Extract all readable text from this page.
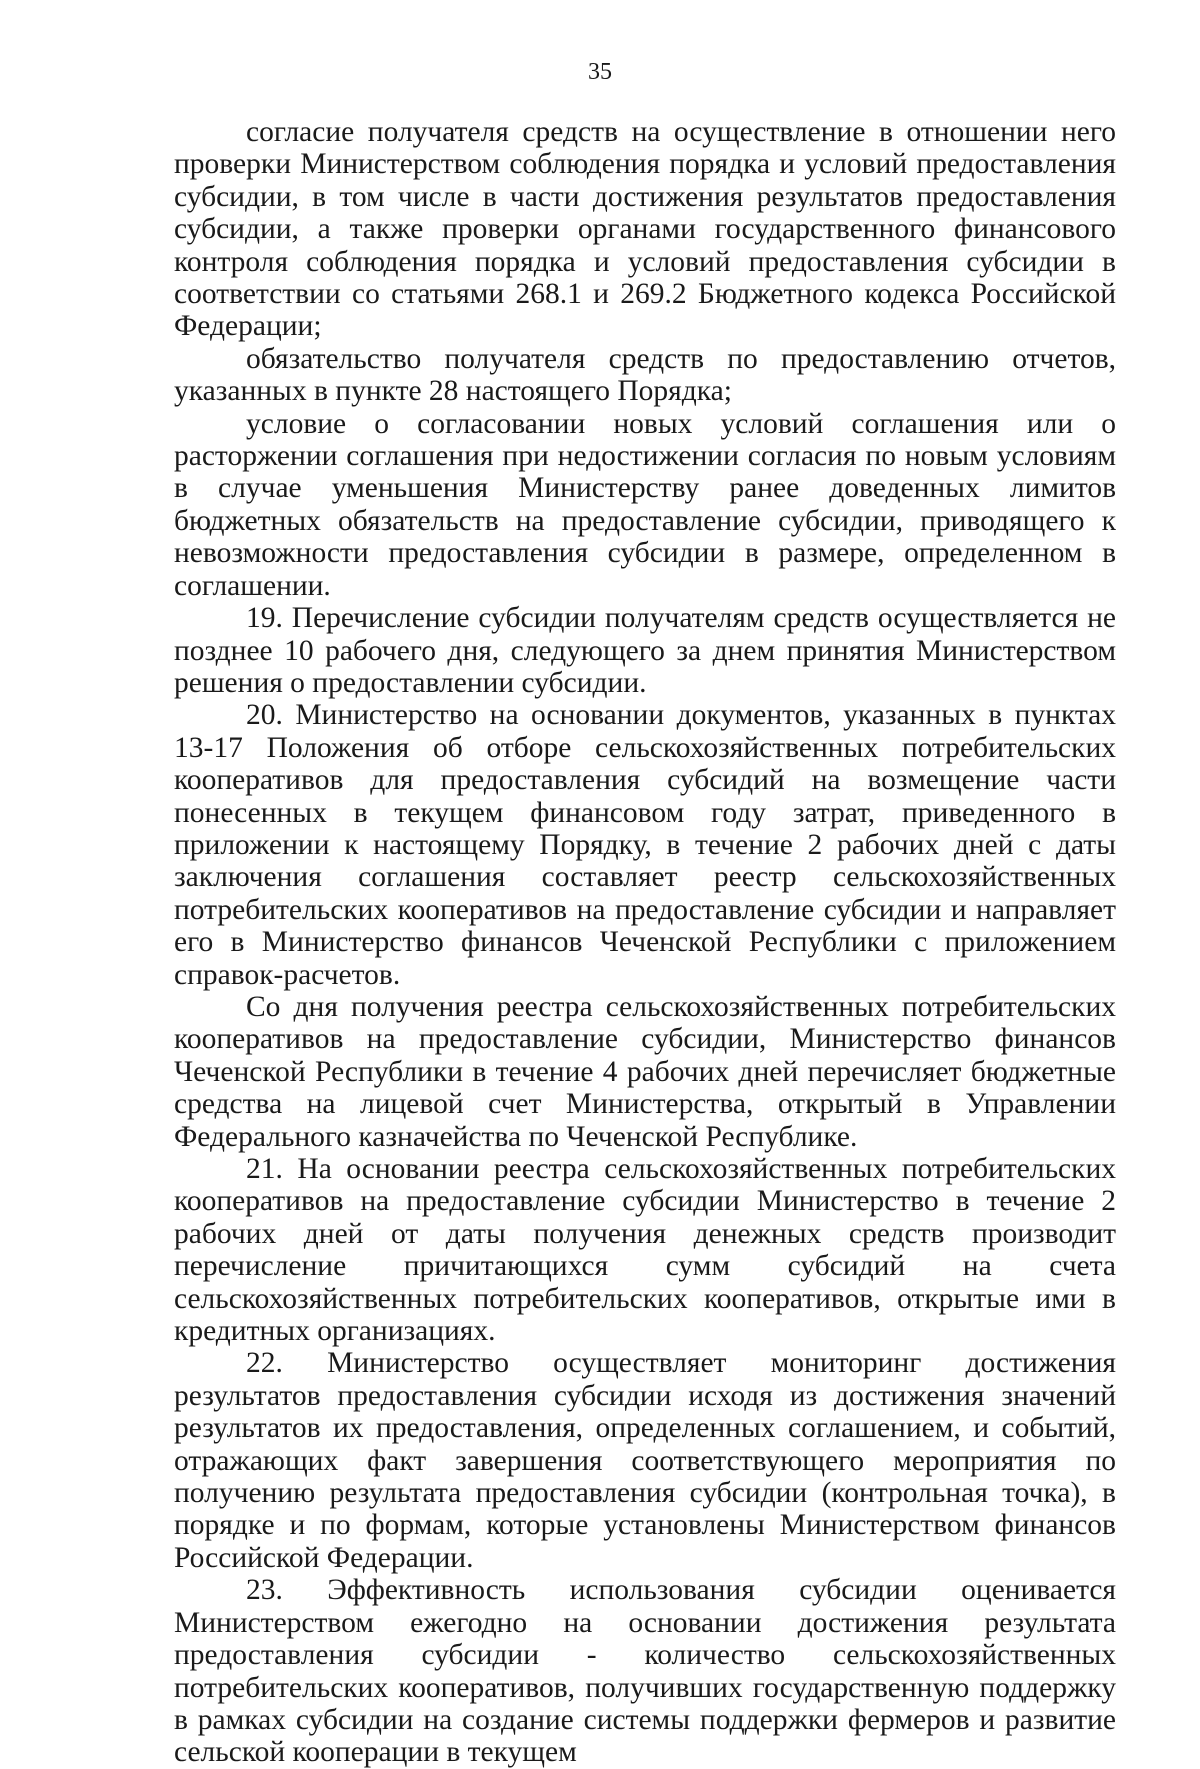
35

согласие получателя средств на осуществление в отношении него проверки Министерством соблюдения порядка и условий предоставления субсидии, в том числе в части достижения результатов предоставления субсидии, а также проверки органами государственного финансового контроля соблюдения порядка и условий предоставления субсидии в соответствии со статьями 268.1 и 269.2 Бюджетного кодекса Российской Федерации;

обязательство получателя средств по предоставлению отчетов, указанных в пункте 28 настоящего Порядка;

условие о согласовании новых условий соглашения или о расторжении соглашения при недостижении согласия по новым условиям в случае уменьшения Министерству ранее доведенных лимитов бюджетных обязательств на предоставление субсидии, приводящего к невозможности предоставления субсидии в размере, определенном в соглашении.

19. Перечисление субсидии получателям средств осуществляется не позднее 10 рабочего дня, следующего за днем принятия Министерством решения о предоставлении субсидии.

20. Министерство на основании документов, указанных в пунктах 13-17 Положения об отборе сельскохозяйственных потребительских кооперативов для предоставления субсидий на возмещение части понесенных в текущем финансовом году затрат, приведенного в приложении к настоящему Порядку, в течение 2 рабочих дней с даты заключения соглашения составляет реестр сельскохозяйственных потребительских кооперативов на предоставление субсидии и направляет его в Министерство финансов Чеченской Республики с приложением справок-расчетов.

Со дня получения реестра сельскохозяйственных потребительских кооперативов на предоставление субсидии, Министерство финансов Чеченской Республики в течение 4 рабочих дней перечисляет бюджетные средства на лицевой счет Министерства, открытый в Управлении Федерального казначейства по Чеченской Республике.

21. На основании реестра сельскохозяйственных потребительских кооперативов на предоставление субсидии Министерство в течение 2 рабочих дней от даты получения денежных средств производит перечисление причитающихся сумм субсидий на счета сельскохозяйственных потребительских кооперативов, открытые ими в кредитных организациях.

22. Министерство осуществляет мониторинг достижения результатов предоставления субсидии исходя из достижения значений результатов их предоставления, определенных соглашением, и событий, отражающих факт завершения соответствующего мероприятия по получению результата предоставления субсидии (контрольная точка), в порядке и по формам, которые установлены Министерством финансов Российской Федерации.

23. Эффективность использования субсидии оценивается Министерством ежегодно на основании достижения результата предоставления субсидии - количество сельскохозяйственных потребительских кооперативов, получивших государственную поддержку в рамках субсидии на создание системы поддержки фермеров и развитие сельской кооперации в текущем
